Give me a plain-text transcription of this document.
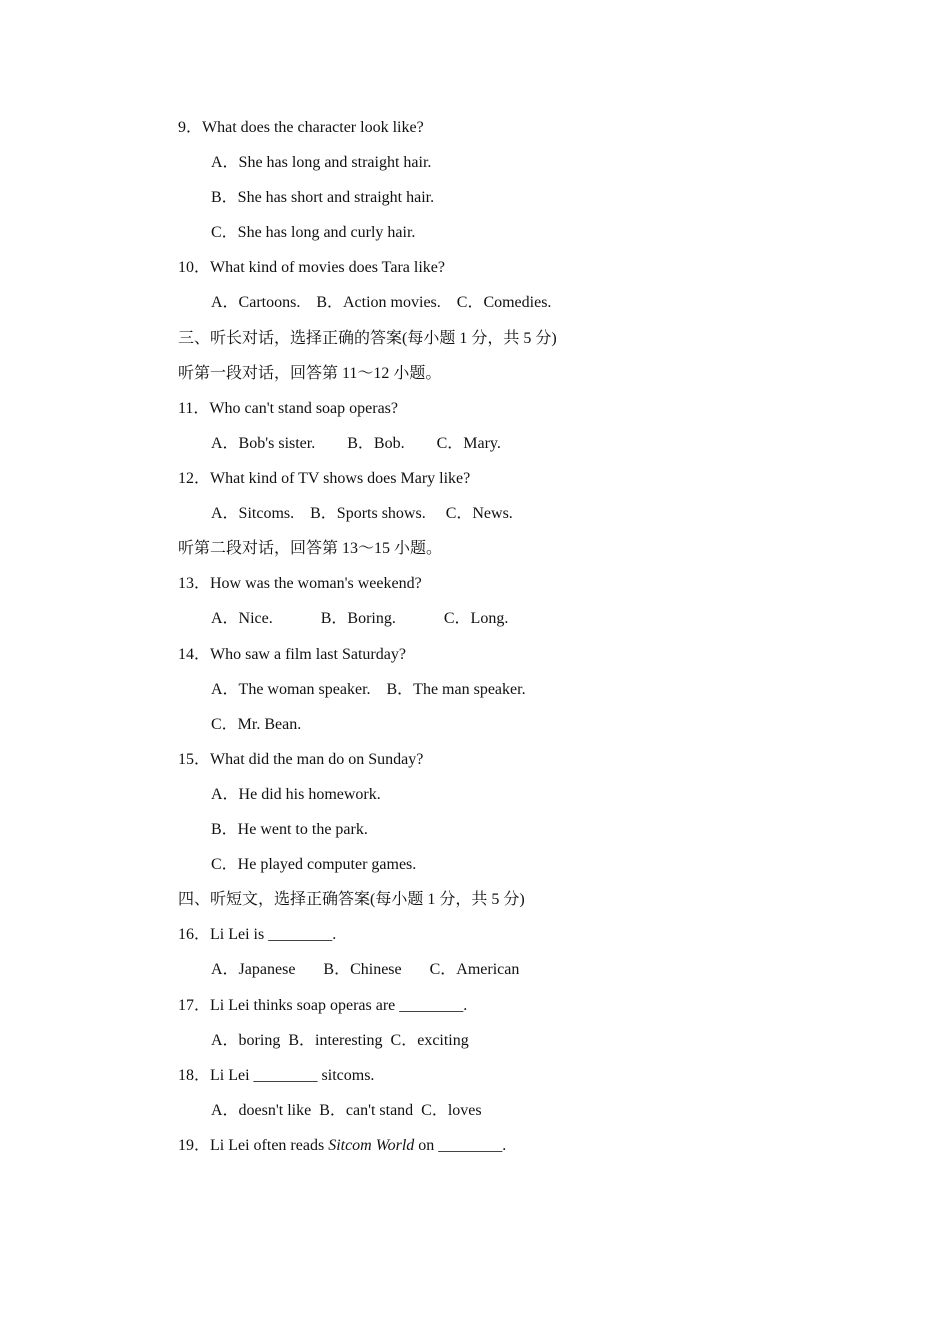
9．What does the character look like?
A．She has long and straight hair.
B．She has short and straight hair.
C．She has long and curly hair.
10．What kind of movies does Tara like?
A．Cartoons.    B．Action movies.    C．Comedies.
三、听长对话，选择正确的答案(每小题 1 分，共 5 分)
听第一段对话，回答第 11～12 小题。
11．Who can't stand soap operas?
A．Bob's sister.        B．Bob.        C．Mary.
12．What kind of TV shows does Mary like?
A．Sitcoms.    B．Sports shows.     C．News.
听第二段对话，回答第 13～15 小题。
13．How was the woman's weekend?
A．Nice.            B．Boring.            C．Long.
14．Who saw a film last Saturday?
A．The woman speaker.    B．The man speaker.
C．Mr. Bean.
15．What did the man do on Sunday?
A．He did his homework.
B．He went to the park.
C．He played computer games.
四、听短文，选择正确答案(每小题 1 分，共 5 分)
16．Li Lei is ________.
A．Japanese       B．Chinese       C．American
17．Li Lei thinks soap operas are ________.
A．boring  B．interesting  C．exciting
18．Li Lei ________ sitcoms.
A．doesn't like  B．can't stand  C．loves
19．Li Lei often reads Sitcom World on ________.
